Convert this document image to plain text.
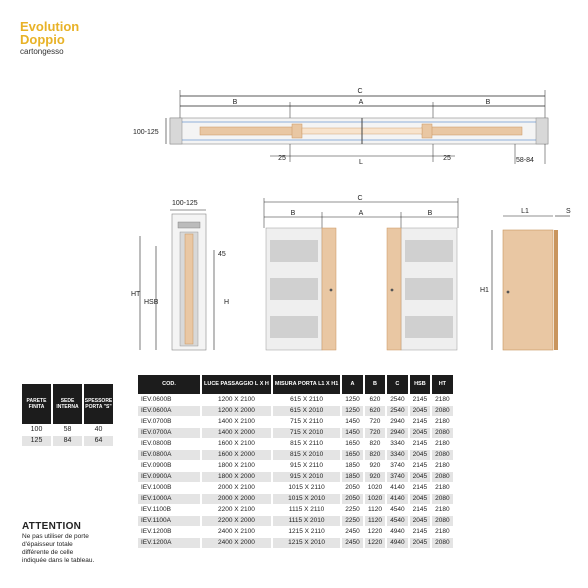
Evolution
Doppio
cartongesso
C
B	A	B
100-125
25
L
25	58-84
100-125
HT
HSB
45
H
C
B	A	B	L1	S
H1
PARETE FINITA
SEDE INTERNA
SPESSORE PORTA "S"
100	58	40
125	84	64
COD.	LUCE PASSAGGIO L X H	MISURA PORTA L1 X H1	A	B	C	HSB	HT
IEV.0600B	1200 X 2100	615 X 2110	1250	620	2540	2145	2180
IEV.0600A	1200 X 2000	615 X 2010	1250	620	2540	2045	2080
IEV.0700B	1400 X 2100	715 X 2110	1450	720	2940	2145	2180
IEV.0700A	1400 X 2000	715 X 2010	1450	720	2940	2045	2080
IEV.0800B	1600 X 2100	815 X 2110	1650	820	3340	2145	2180
IEV.0800A	1600 X 2000	815 X 2010	1650	820	3340	2045	2080
IEV.0900B	1800 X 2100	915 X 2110	1850	920	3740	2145	2180
IEV.0900A	1800 X 2000	915 X 2010	1850	920	3740	2045	2080
IEV.1000B	2000 X 2100	1015 X 2110	2050	1020	4140	2145	2180
IEV.1000A	2000 X 2000	1015 X 2010	2050	1020	4140	2045	2080
IEV.1100B	2200 X 2100	1115 X 2110	2250	1120	4540	2145	2180
IEV.1100A	2200 X 2000	1115 X 2010	2250	1120	4540	2045	2080
IEV.1200B	2400 X 2100	1215 X 2110	2450	1220	4940	2145	2180
IEV.1200A	2400 X 2000	1215 X 2010	2450	1220	4940	2045	2080
ATTENTION
Ne pas utiliser de porte
d'épaisseur totale
différente de celle
indiquée dans le tableau.
